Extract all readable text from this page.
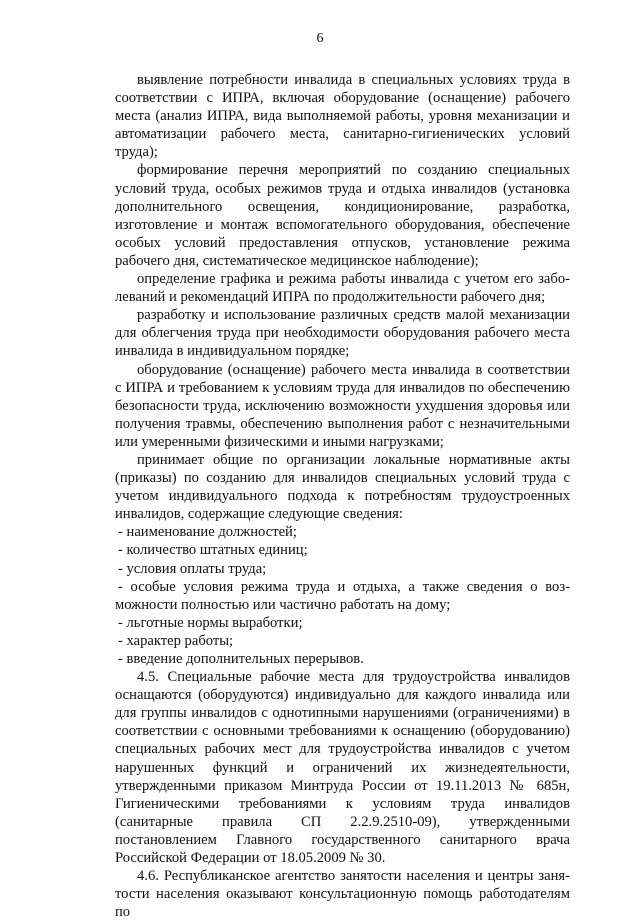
6

выявление потребности инвалида в специальных условиях труда в соответствии с ИПРА, включая оборудование (оснащение) рабочего места (анализ ИПРА, вида выполняемой работы, уровня механизации и автоматизации рабочего места, санитарно-гигиенических условий труда);

формирование перечня мероприятий по созданию специальных условий труда, особых режимов труда и отдыха инвалидов (установка дополнительного освещения, кондиционирование, разработка, изготовление и монтаж вспомогательного оборудования, обеспечение особых условий предоставления отпусков, установление режима рабочего дня, систематическое медицинское наблюдение);

определение графика и режима работы инвалида с учетом его заболеваний и рекомендаций ИПРА по продолжительности рабочего дня;

разработку и использование различных средств малой механизации для облегчения труда при необходимости оборудования рабочего места инвалида в индивидуальном порядке;

оборудование (оснащение) рабочего места инвалида в соответствии с ИПРА и требованием к условиям труда для инвалидов по обеспечению безопасности труда, исключению возможности ухудшения здоровья или получения травмы, обеспечению выполнения работ с незначительными или умеренными физическими и иными нагрузками;

принимает общие по организации локальные нормативные акты (приказы) по созданию для инвалидов специальных условий труда с учетом индивидуального подхода к потребностям трудоустроенных инвалидов, содержащие следующие сведения:

- наименование должностей;

- количество штатных единиц;

- условия оплаты труда;

- особые условия режима труда и отдыха, а также сведения о возможности полностью или частично работать на дому;

- льготные нормы выработки;

- характер работы;

- введение дополнительных перерывов.

4.5. Специальные рабочие места для трудоустройства инвалидов оснащаются (оборудуются) индивидуально для каждого инвалида или для группы инвалидов с однотипными нарушениями (ограничениями) в соответствии с основными требованиями к оснащению (оборудованию) специальных рабочих мест для трудоустройства инвалидов с учетом нарушенных функций и ограничений их жизнедеятельности, утвержденными приказом Минтруда России от 19.11.2013 № 685н, Гигиеническими требованиями к условиям труда инвалидов (санитарные правила СП 2.2.9.2510-09), утвержденными постановлением Главного государственного санитарного врача Российской Федерации от 18.05.2009 № 30.

4.6. Республиканское агентство занятости населения и центры занятости населения оказывают консультационную помощь работодателям по
